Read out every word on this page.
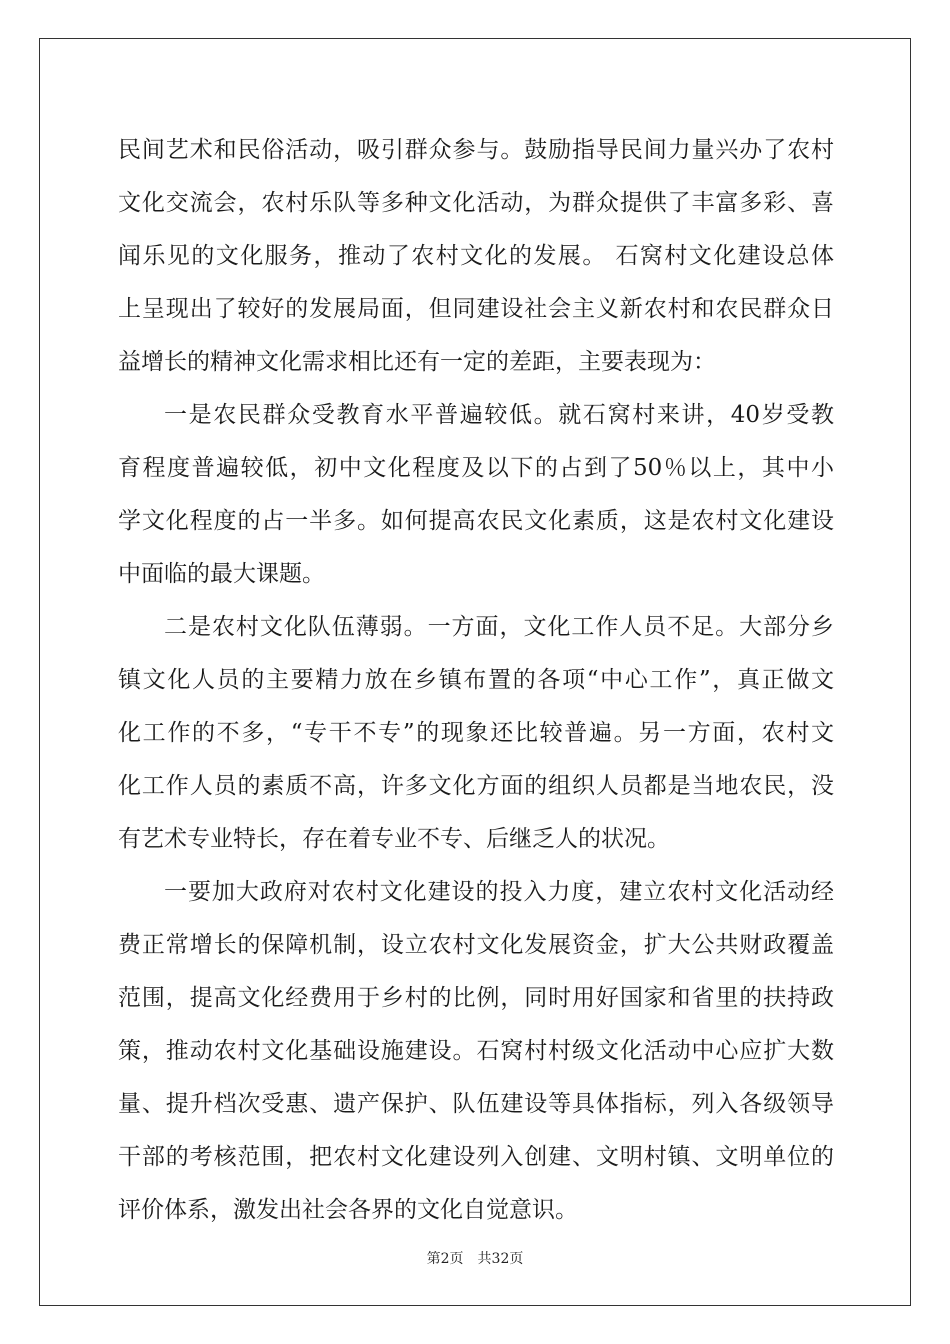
民间艺术和民俗活动，吸引群众参与。鼓励指导民间力量兴办了农村
文化交流会，农村乐队等多种文化活动，为群众提供了丰富多彩、喜
闻乐见的文化服务，推动了农村文化的发展。 石窝村文化建设总体
上呈现出了较好的发展局面，但同建设社会主义新农村和农民群众日
益增长的精神文化需求相比还有一定的差距，主要表现为：
一是农民群众受教育水平普遍较低。就石窝村来讲，40岁受教
育程度普遍较低，初中文化程度及以下的占到了50％以上，其中小
学文化程度的占一半多。如何提高农民文化素质，这是农村文化建设
中面临的最大课题。
二是农村文化队伍薄弱。一方面，文化工作人员不足。大部分乡
镇文化人员的主要精力放在乡镇布置的各项“中心工作”，真正做文
化工作的不多，“专干不专”的现象还比较普遍。另一方面，农村文
化工作人员的素质不高，许多文化方面的组织人员都是当地农民，没
有艺术专业特长，存在着专业不专、后继乏人的状况。
一要加大政府对农村文化建设的投入力度，建立农村文化活动经
费正常增长的保障机制，设立农村文化发展资金，扩大公共财政覆盖
范围，提高文化经费用于乡村的比例，同时用好国家和省里的扶持政
策，推动农村文化基础设施建设。石窝村村级文化活动中心应扩大数
量、提升档次受惠、遗产保护、队伍建设等具体指标，列入各级领导
干部的考核范围，把农村文化建设列入创建、文明村镇、文明单位的
评价体系，激发出社会各界的文化自觉意识。
第2页 共32页
